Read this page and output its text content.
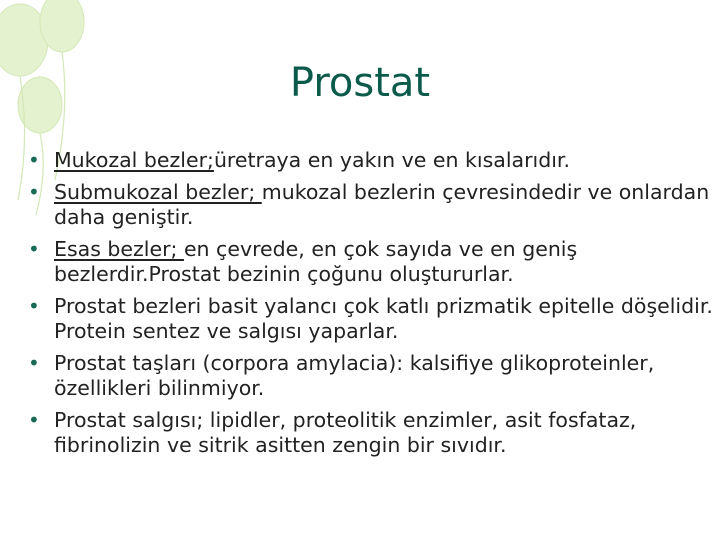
Prostat
• Mukozal bezler;üretraya en yakın ve en kısalarıdır.
• Submukozal bezler; mukozal bezlerin çevresindedir ve onlardan daha geniştir.
• Esas bezler; en çevrede, en çok sayıda ve en geniş bezlerdir.Prostat bezinin çoğunu oluştururlar.
• Prostat bezleri basit yalancı çok katlı prizmatik epitelle döşelidir. Protein sentez ve salgısı yaparlar.
• Prostat taşları (corpora amylacia): kalsifiye glikoproteinler, özellikleri bilinmiyor.
• Prostat salgısı; lipidler, proteolitik enzimler, asit fosfataz, fibrinolizin ve sitrik asitten zengin bir sıvıdır.
